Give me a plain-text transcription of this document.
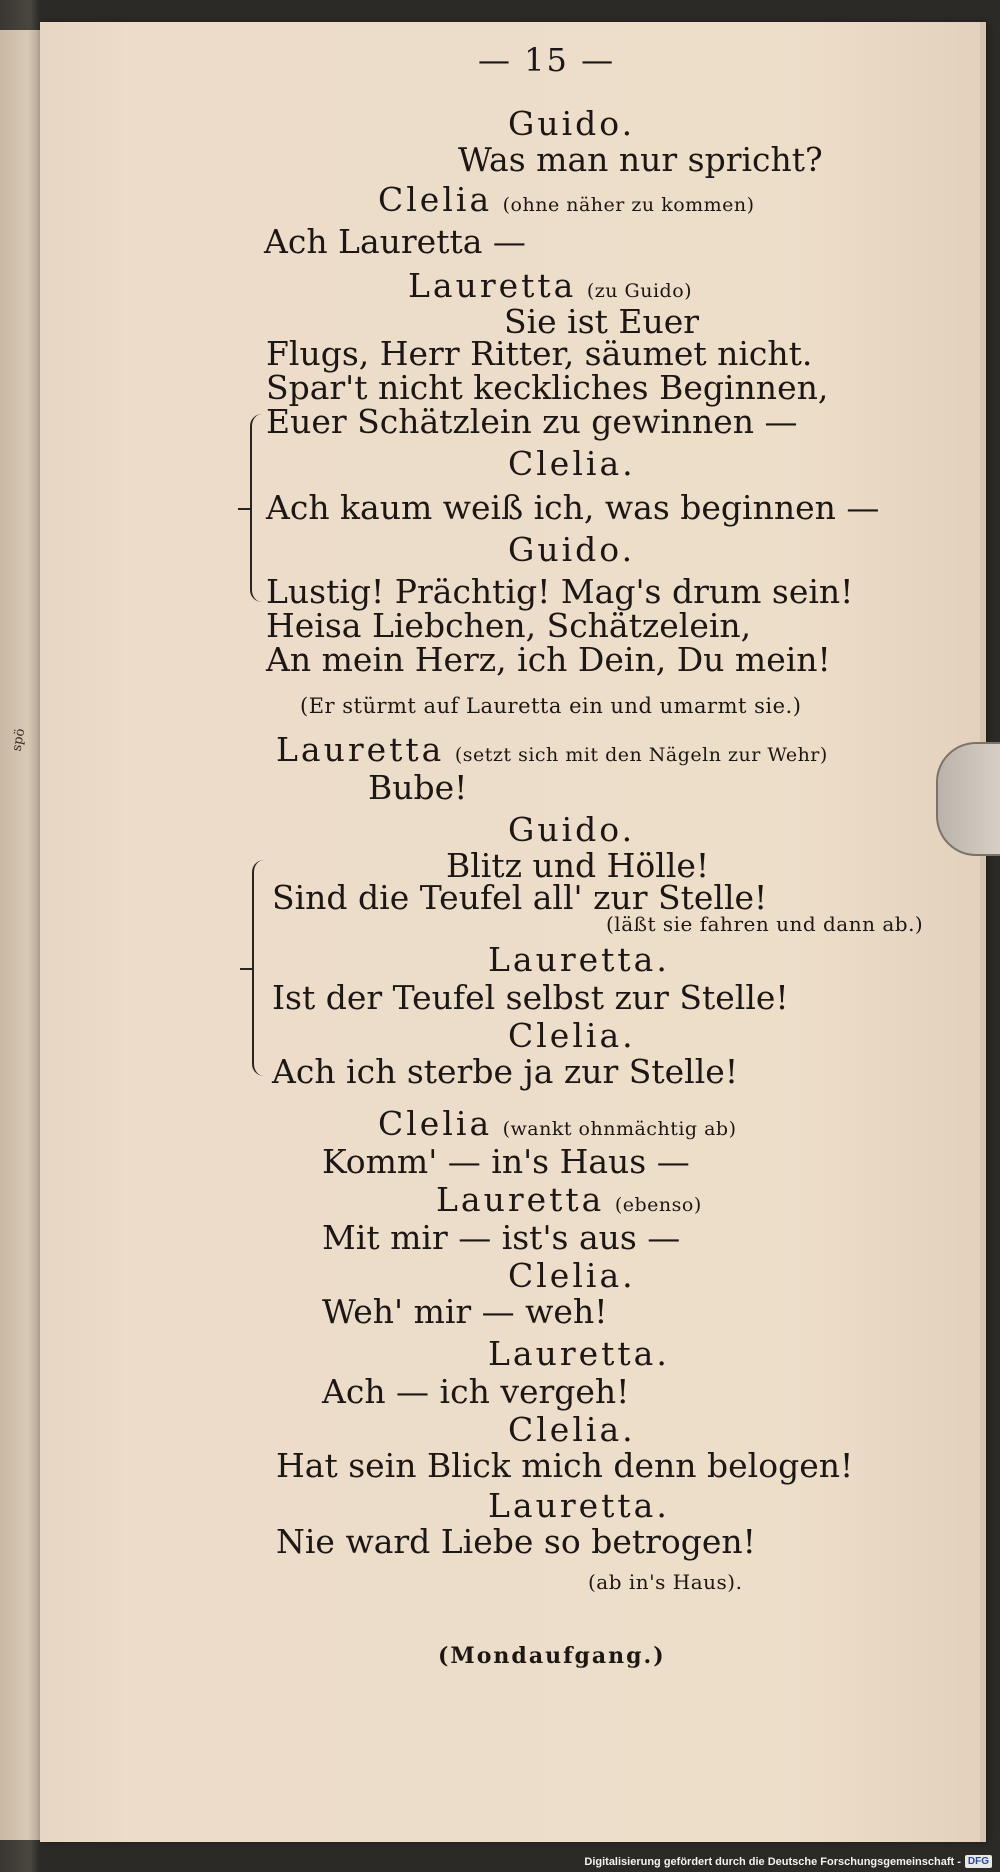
— 15 —
Guido.
Was man nur spricht?
Clelia (ohne näher zu kommen)
Ach Lauretta —
Lauretta (zu Guido)
Sie ist Euer
Flugs, Herr Ritter, säumet nicht.
Spar't nicht keckliches Beginnen,
Euer Schätzlein zu gewinnen —
Clelia.
Ach kaum weiß ich, was beginnen —
Guido.
Lustig! Prächtig! Mag's drum sein!
Heisa Liebchen, Schätzelein,
An mein Herz, ich Dein, Du mein!
(Er stürmt auf Lauretta ein und umarmt sie.)
Lauretta (setzt sich mit den Nägeln zur Wehr)
Bube!
Guido.
Blitz und Hölle!
Sind die Teufel all' zur Stelle!
(läßt sie fahren und dann ab.)
Lauretta.
Ist der Teufel selbst zur Stelle!
Clelia.
Ach ich sterbe ja zur Stelle!
Clelia (wankt ohnmächtig ab)
Komm' — in's Haus —
Lauretta (ebenso)
Mit mir — ist's aus —
Clelia.
Weh' mir — weh!
Lauretta.
Ach — ich vergeh!
Clelia.
Hat sein Blick mich denn belogen!
Lauretta.
Nie ward Liebe so betrogen!
(ab in's Haus).
(Mondaufgang.)
spö
Digitalisierung gefördert durch die Deutsche Forschungsgemeinschaft - DFG
